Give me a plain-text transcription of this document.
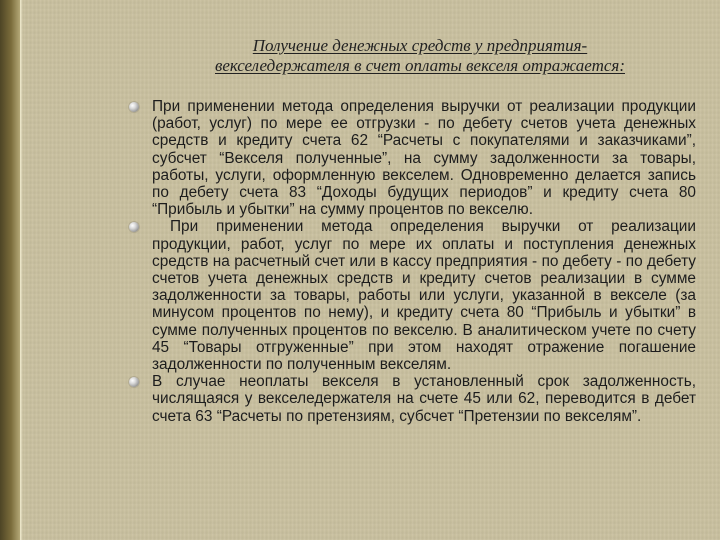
Получение денежных средств у предприятия-
векселедержателя в счет оплаты векселя отражается:

При применении метода определения выручки от реализации продукции (работ, услуг) по мере ее отгрузки - по дебету счетов учета денежных средств и кредиту счета 62 “Расчеты с покупателями и заказчиками”, субсчет “Векселя полученные”, на сумму задолженности за товары, работы, услуги, оформленную векселем. Одновременно делается запись по дебету счета 83 “Доходы будущих периодов” и кредиту счета 80 “Прибыль и убытки” на сумму процентов по векселю.

При применении метода определения выручки от реализации продукции, работ, услуг по мере их оплаты и поступления денежных средств на расчетный счет или в кассу предприятия - по дебету - по дебету счетов учета денежных средств и кредиту счетов реализации в сумме задолженности за товары, работы или услуги, указанной в векселе (за минусом процентов по нему), и кредиту счета 80 “Прибыль и убытки” в сумме полученных процентов по векселю. В аналитическом учете по счету 45 “Товары отгруженные” при этом находят отражение погашение задолженности по полученным векселям.

В случае неоплаты векселя в установленный срок задолженность, числящаяся у векселедержателя на счете 45 или 62, переводится в дебет счета 63 “Расчеты по претензиям, субсчет “Претензии по векселям”.
